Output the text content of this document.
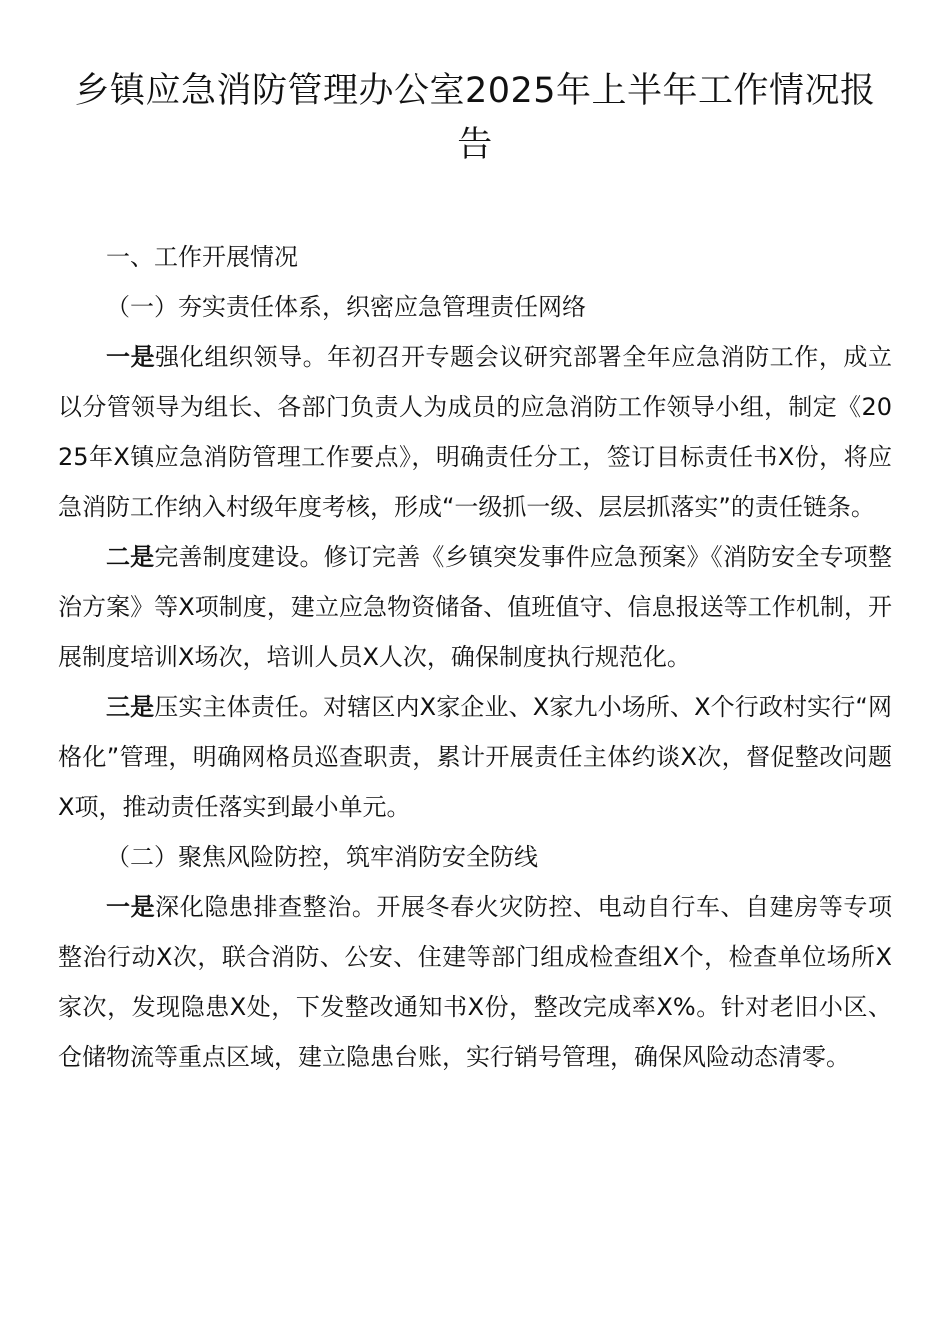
乡镇应急消防管理办公室2025年上半年工作情况报告

一、工作开展情况

（一）夯实责任体系，织密应急管理责任网络

一是强化组织领导。年初召开专题会议研究部署全年应急消防工作，成立以分管领导为组长、各部门负责人为成员的应急消防工作领导小组，制定《2025年X镇应急消防管理工作要点》，明确责任分工，签订目标责任书X份，将应急消防工作纳入村级年度考核，形成“一级抓一级、层层抓落实”的责任链条。

二是完善制度建设。修订完善《乡镇突发事件应急预案》《消防安全专项整治方案》等X项制度，建立应急物资储备、值班值守、信息报送等工作机制，开展制度培训X场次，培训人员X人次，确保制度执行规范化。

三是压实主体责任。对辖区内X家企业、X家九小场所、X个行政村实行“网格化”管理，明确网格员巡查职责，累计开展责任主体约谈X次，督促整改问题X项，推动责任落实到最小单元。

（二）聚焦风险防控，筑牢消防安全防线

一是深化隐患排查整治。开展冬春火灾防控、电动自行车、自建房等专项整治行动X次，联合消防、公安、住建等部门组成检查组X个，检查单位场所X家次，发现隐患X处，下发整改通知书X份，整改完成率X%。针对老旧小区、仓储物流等重点区域，建立隐患台账，实行销号管理，确保风险动态清零。
